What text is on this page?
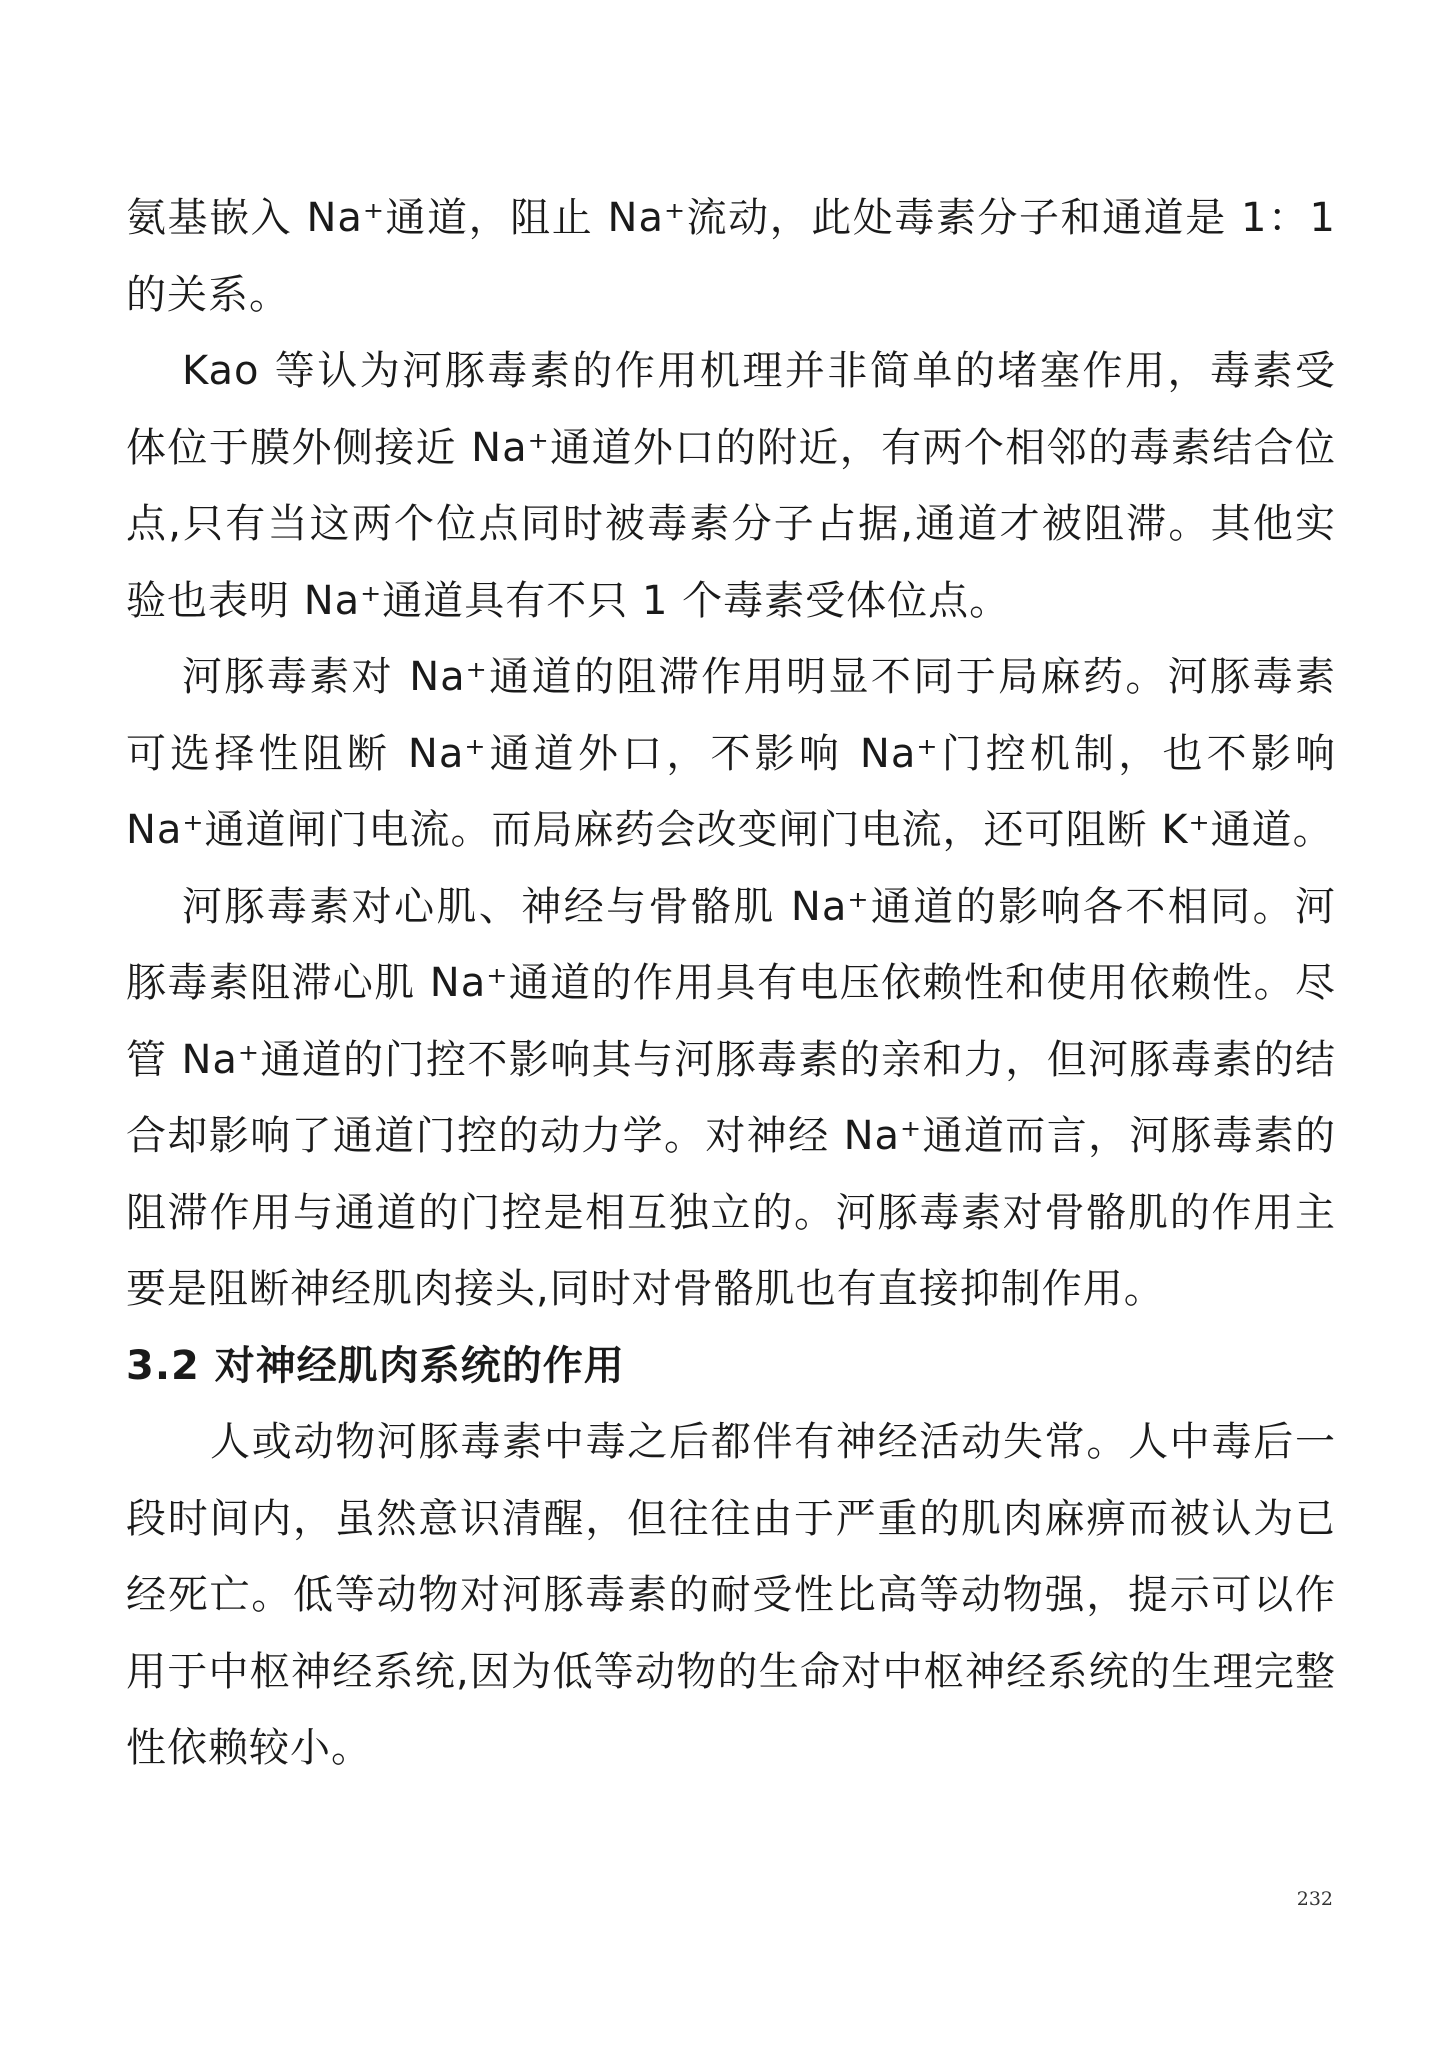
氨基嵌入 Na⁺通道，阻止 Na⁺流动，此处毒素分子和通道是 1：1 的关系。

Kao 等认为河豚毒素的作用机理并非简单的堵塞作用，毒素受体位于膜外侧接近 Na⁺通道外口的附近，有两个相邻的毒素结合位点,只有当这两个位点同时被毒素分子占据,通道才被阻滞。其他实验也表明 Na⁺通道具有不只 1 个毒素受体位点。

河豚毒素对 Na⁺通道的阻滞作用明显不同于局麻药。河豚毒素可选择性阻断 Na⁺通道外口，不影响 Na⁺门控机制，也不影响 Na⁺通道闸门电流。而局麻药会改变闸门电流，还可阻断 K⁺通道。

河豚毒素对心肌、神经与骨骼肌 Na⁺通道的影响各不相同。河豚毒素阻滞心肌 Na⁺通道的作用具有电压依赖性和使用依赖性。尽管 Na⁺通道的门控不影响其与河豚毒素的亲和力，但河豚毒素的结合却影响了通道门控的动力学。对神经 Na⁺通道而言，河豚毒素的阻滞作用与通道的门控是相互独立的。河豚毒素对骨骼肌的作用主要是阻断神经肌肉接头,同时对骨骼肌也有直接抑制作用。

3.2 对神经肌肉系统的作用

人或动物河豚毒素中毒之后都伴有神经活动失常。人中毒后一段时间内，虽然意识清醒，但往往由于严重的肌肉麻痹而被认为已经死亡。低等动物对河豚毒素的耐受性比高等动物强，提示可以作用于中枢神经系统,因为低等动物的生命对中枢神经系统的生理完整性依赖较小。

232
